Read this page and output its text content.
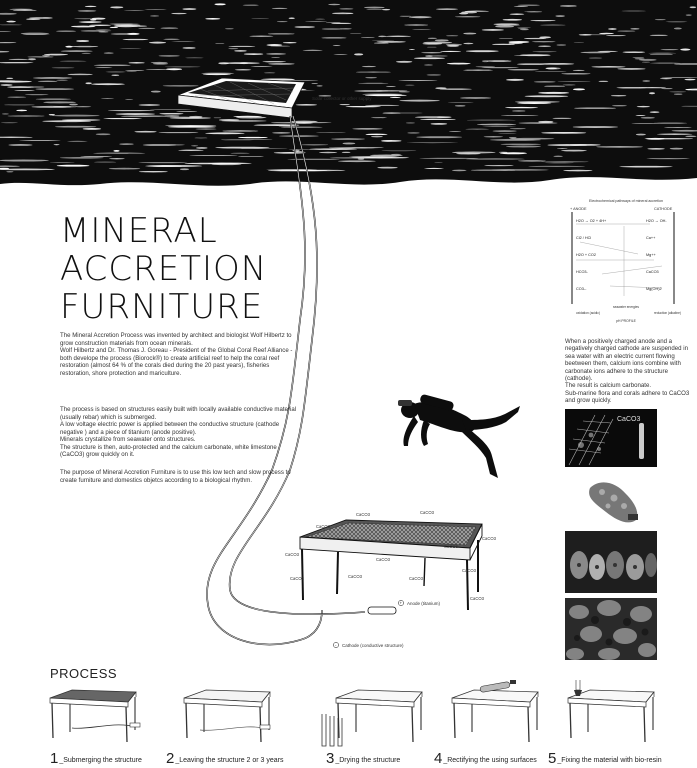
Solar collector or other supply
+ Anode (titanium)
- Cathode (conductive structure)
CaCO3
CaCO3	CaCO3
CaCO3
CaCO3
CaCO3
CaCO3	CaCO3
CaCO3
CaCO3
CaCO3
CaCO3
MINERAL
ACCRETION
FURNITURE

The Mineral Accretion Process was invented by architect and biologist Wolf Hilbertz to grow construction materials from ocean minerals.
Wolf Hilbertz and Dr. Thomas J. Goreau - President of the Global Coral Reef Alliance - both develope the process (Biorock®) to create artificial reef to help the coral reef restoration (almost 64 % of the corals died during the 20 past years), fisheries restoration, shore protection and mariculture.

The process is based on structures easily built with locally available conductive material (usually rebar) which is submerged.
A low voltage electric power is applied between the conductive structure (cathode negative ) and a piece of titanium (anode positive).
Minerals crystallize from seawater onto structures.
The structure is then, auto-protected and the calcium carbonate, white limestone (CaCO3) grow quickly on it.

The purpose of Mineral Accretion Furniture is to use this low tech and slow process to create furniture and domestics objetcs according to a biological rhythm.

Electrochemical pathways of mineral accretion
+ ANODE	CATHODE
H2O → O2 + 4H+
Cl2 / HCl
H2O + CO2
HCO3-
CO3--
H2O → OH-
Ca++
Mg++
CaCO3
Mg(OH)2
oxidation (acidic)
seawater energies
reduction (alkaline)
pH PROFILE
When a positively charged anode and a negatively charged cathode are suspended in sea water with an electric current flowing beetween them, calcium ions combine with carbonate ions adhere to the structure (cathode).
The result is calcium carbonate.
Sub-marine flora and corals adhere to CaCO3 and grow quickly.
CaCO3
PROCESS
1_Submerging the structure 2_Leaving the structure 2 or 3 years	3_Drying the structure 4_Rectifying the using surfaces 5_Fixing the material with bio-resin
